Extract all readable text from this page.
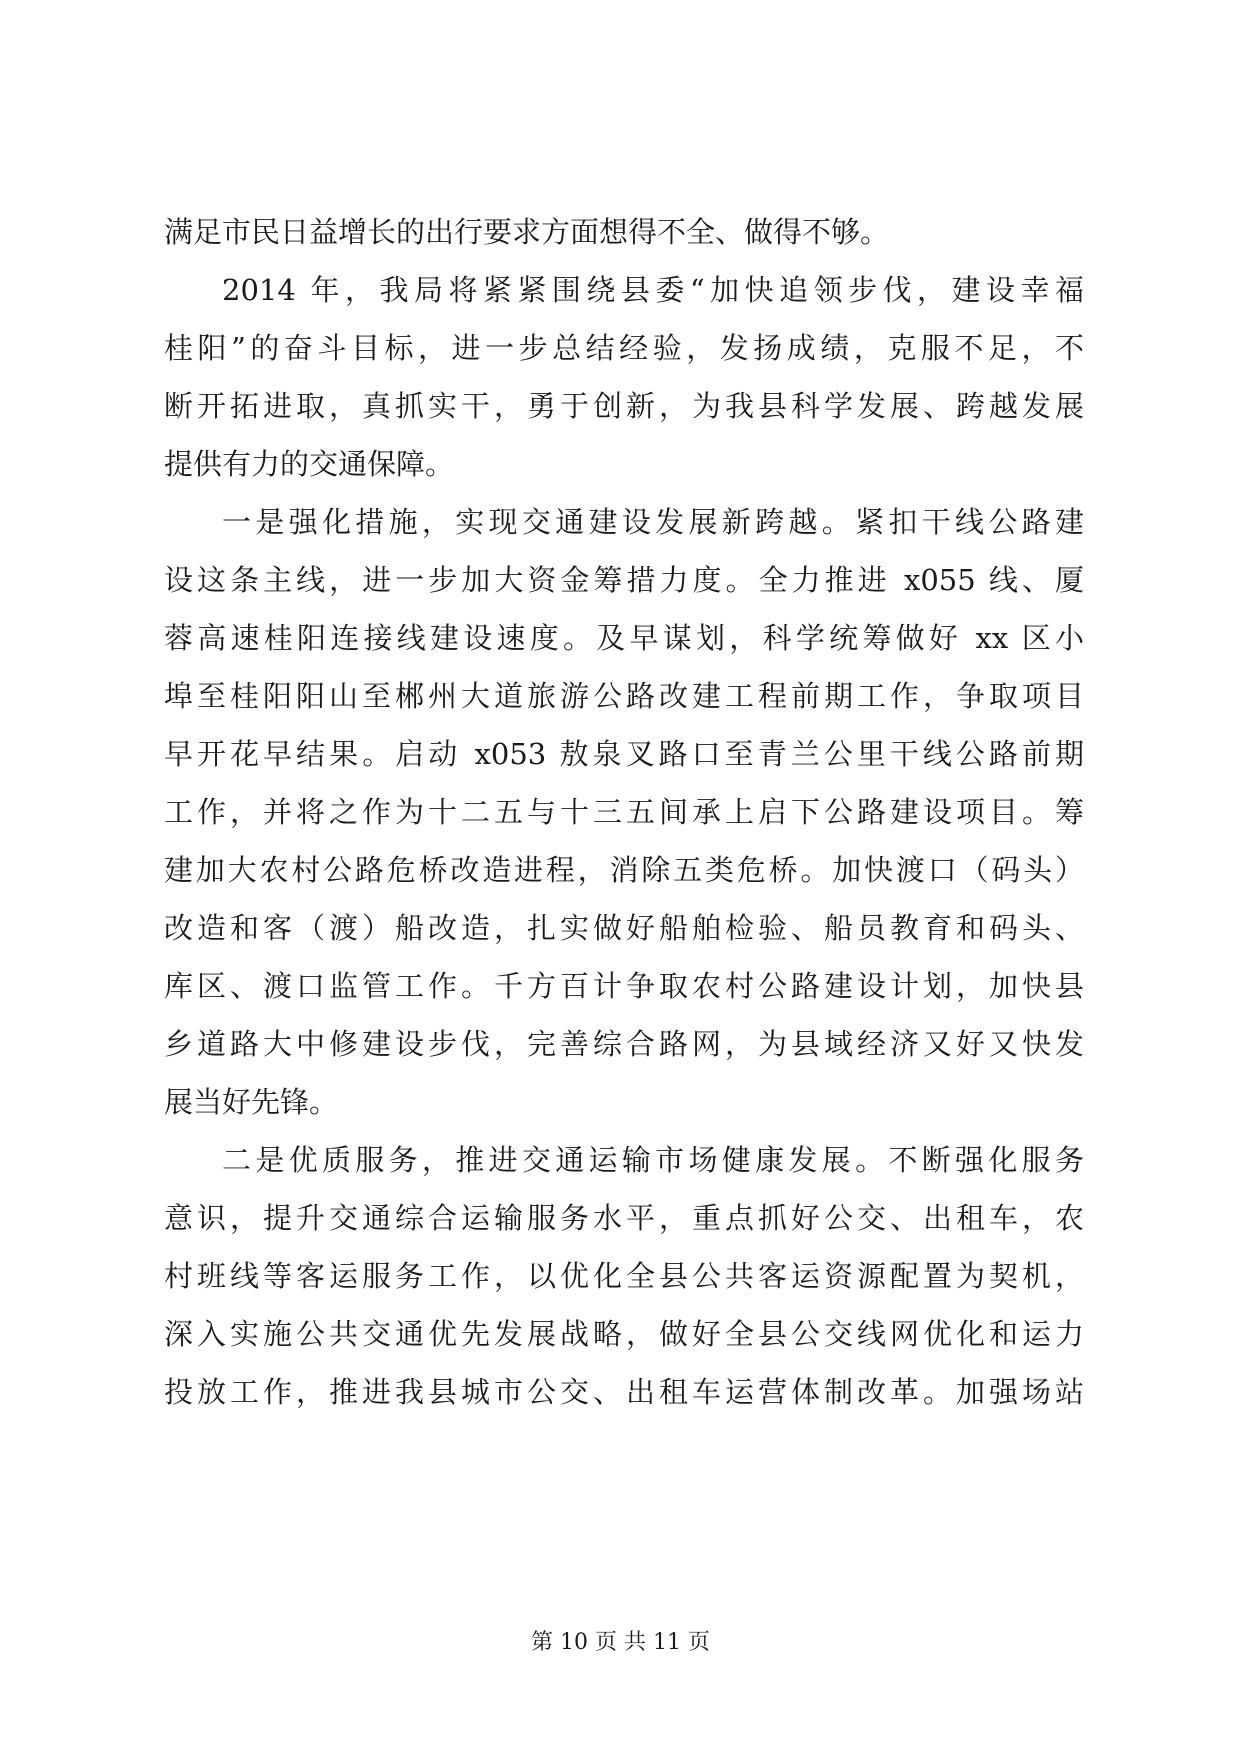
满足市民日益增长的出行要求方面想得不全、做得不够。
2014 年，我局将紧紧围绕县委“加快追领步伐，建设幸福
桂阳”的奋斗目标，进一步总结经验，发扬成绩，克服不足，不
断开拓进取，真抓实干，勇于创新，为我县科学发展、跨越发展
提供有力的交通保障。
一是强化措施，实现交通建设发展新跨越。紧扣干线公路建
设这条主线，进一步加大资金筹措力度。全力推进 x055 线、厦
蓉高速桂阳连接线建设速度。及早谋划，科学统筹做好 xx 区小
埠至桂阳阳山至郴州大道旅游公路改建工程前期工作，争取项目
早开花早结果。启动 x053 敖泉叉路口至青兰公里干线公路前期
工作，并将之作为十二五与十三五间承上启下公路建设项目。筹
建加大农村公路危桥改造进程，消除五类危桥。加快渡口（码头）
改造和客（渡）船改造，扎实做好船舶检验、船员教育和码头、
库区、渡口监管工作。千方百计争取农村公路建设计划，加快县
乡道路大中修建设步伐，完善综合路网，为县域经济又好又快发
展当好先锋。
二是优质服务，推进交通运输市场健康发展。不断强化服务
意识，提升交通综合运输服务水平，重点抓好公交、出租车，农
村班线等客运服务工作，以优化全县公共客运资源配置为契机，
深入实施公共交通优先发展战略，做好全县公交线网优化和运力
投放工作，推进我县城市公交、出租车运营体制改革。加强场站
第 10 页 共 11 页
